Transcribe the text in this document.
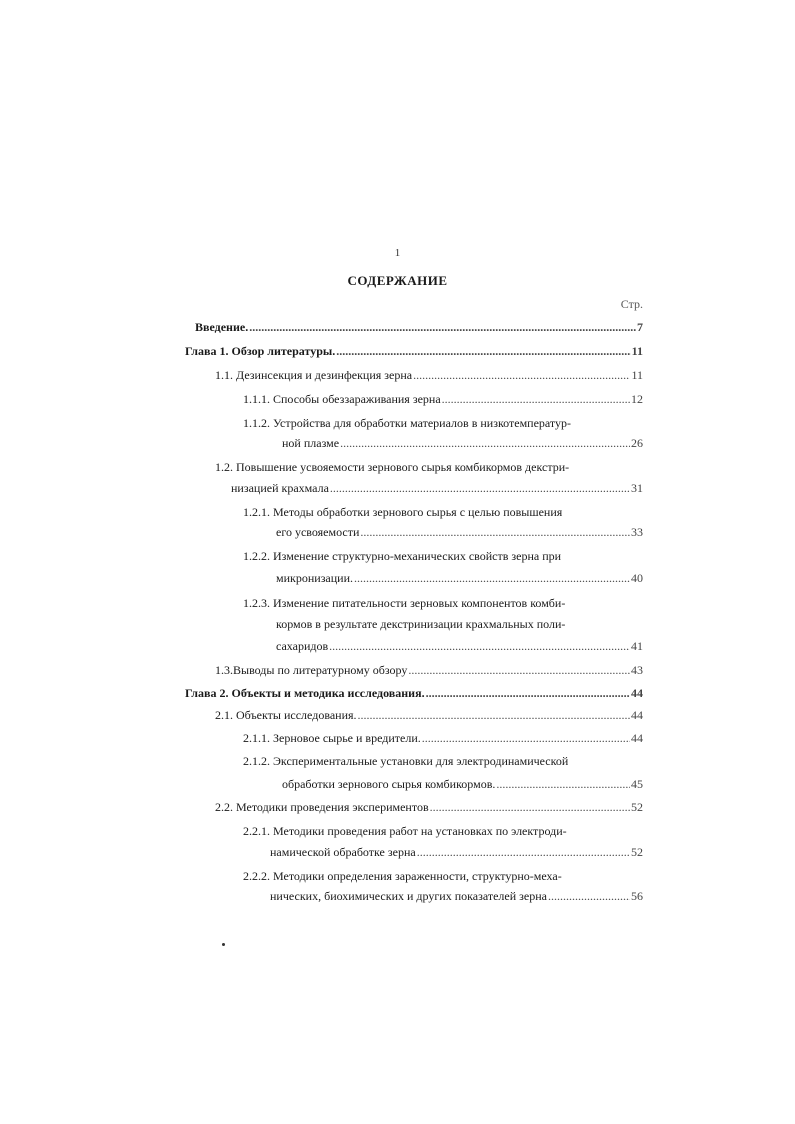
1
СОДЕРЖАНИЕ
Стр.
Введение. . . .	7
Глава 1. Обзор литературы. . . .	11
1.1. Дезинсекция и дезинфекция зерна . . .	11
1.1.1. Способы обеззараживания зерна . . .	12
1.1.2. Устройства для обработки материалов в низкотемператур-
ной плазме . . .	26
1.2. Повышение усвояемости зернового сырья комбикормов декстри-
низацией крахмала . . .	31
1.2.1. Методы обработки зернового сырья с целью повышения
его усвояемости . . .	33
1.2.2. Изменение структурно-механических свойств зерна при
микронизации. . . .	40
1.2.3. Изменение питательности зерновых компонентов комби-
кормов в результате декстринизации крахмальных поли-
сахаридов . . .	41
1.3.Выводы по литературному обзору . . .	43
Глава 2. Объекты и методика исследования. . . .	44
2.1. Объекты исследования. . . .	44
2.1.1. Зерновое сырье и вредители. . . .	44
2.1.2. Экспериментальные установки для электродинамической
обработки зернового сырья комбикормов. . . .	45
2.2. Методики проведения экспериментов . . .	52
2.2.1. Методики проведения работ на установках по электроди-
намической обработке зерна . . .	52
2.2.2. Методики определения зараженности, структурно-меха-
нических, биохимических и других показателей зерна . . .	56
